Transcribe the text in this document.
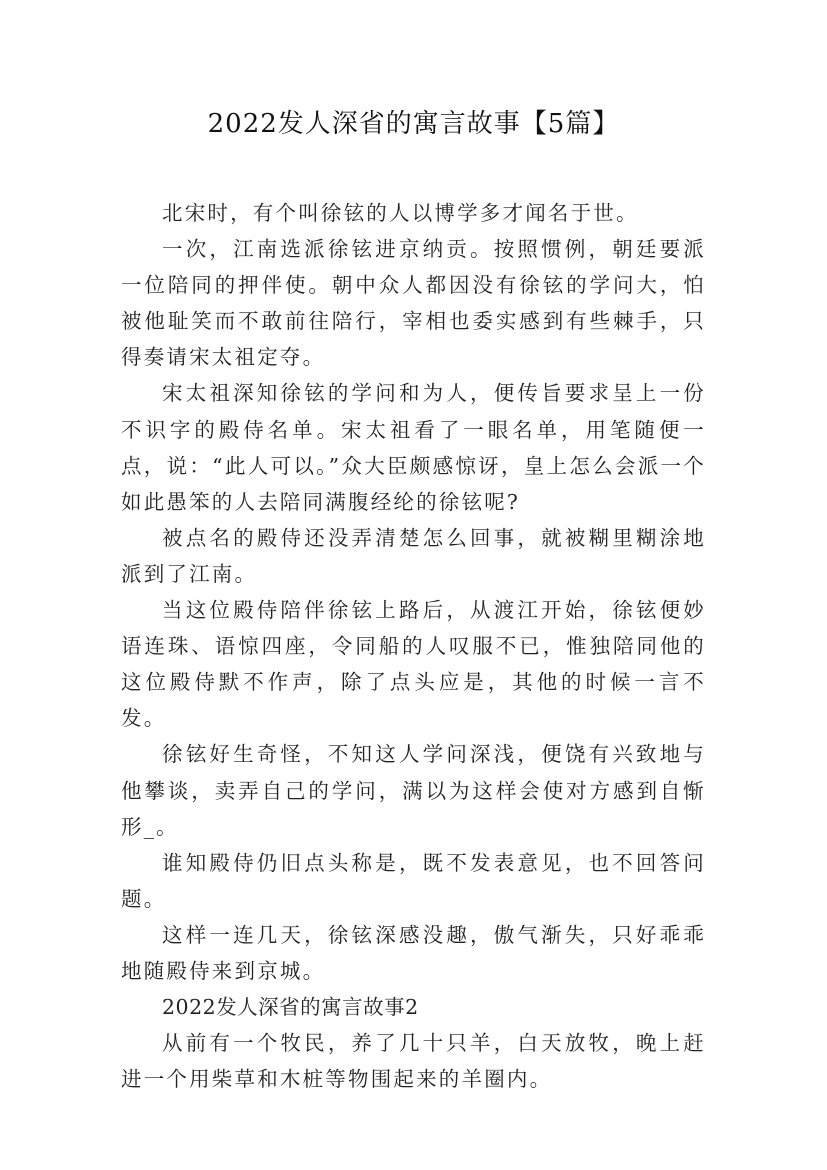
2022发人深省的寓言故事【5篇】

北宋时，有个叫徐铉的人以博学多才闻名于世。

一次，江南选派徐铉进京纳贡。按照惯例，朝廷要派一位陪同的押伴使。朝中众人都因没有徐铉的学问大，怕被他耻笑而不敢前往陪行，宰相也委实感到有些棘手，只得奏请宋太祖定夺。

宋太祖深知徐铉的学问和为人，便传旨要求呈上一份不识字的殿侍名单。宋太祖看了一眼名单，用笔随便一点，说：“此人可以。”众大臣颇感惊讶，皇上怎么会派一个如此愚笨的人去陪同满腹经纶的徐铉呢?

被点名的殿侍还没弄清楚怎么回事，就被糊里糊涂地派到了江南。

当这位殿侍陪伴徐铉上路后，从渡江开始，徐铉便妙语连珠、语惊四座，令同船的人叹服不已，惟独陪同他的这位殿侍默不作声，除了点头应是，其他的时候一言不发。

徐铉好生奇怪，不知这人学问深浅，便饶有兴致地与他攀谈，卖弄自己的学问，满以为这样会使对方感到自惭形_。

谁知殿侍仍旧点头称是，既不发表意见，也不回答问题。

这样一连几天，徐铉深感没趣，傲气渐失，只好乖乖地随殿侍来到京城。

2022发人深省的寓言故事2

从前有一个牧民，养了几十只羊，白天放牧，晚上赶进一个用柴草和木桩等物围起来的羊圈内。
